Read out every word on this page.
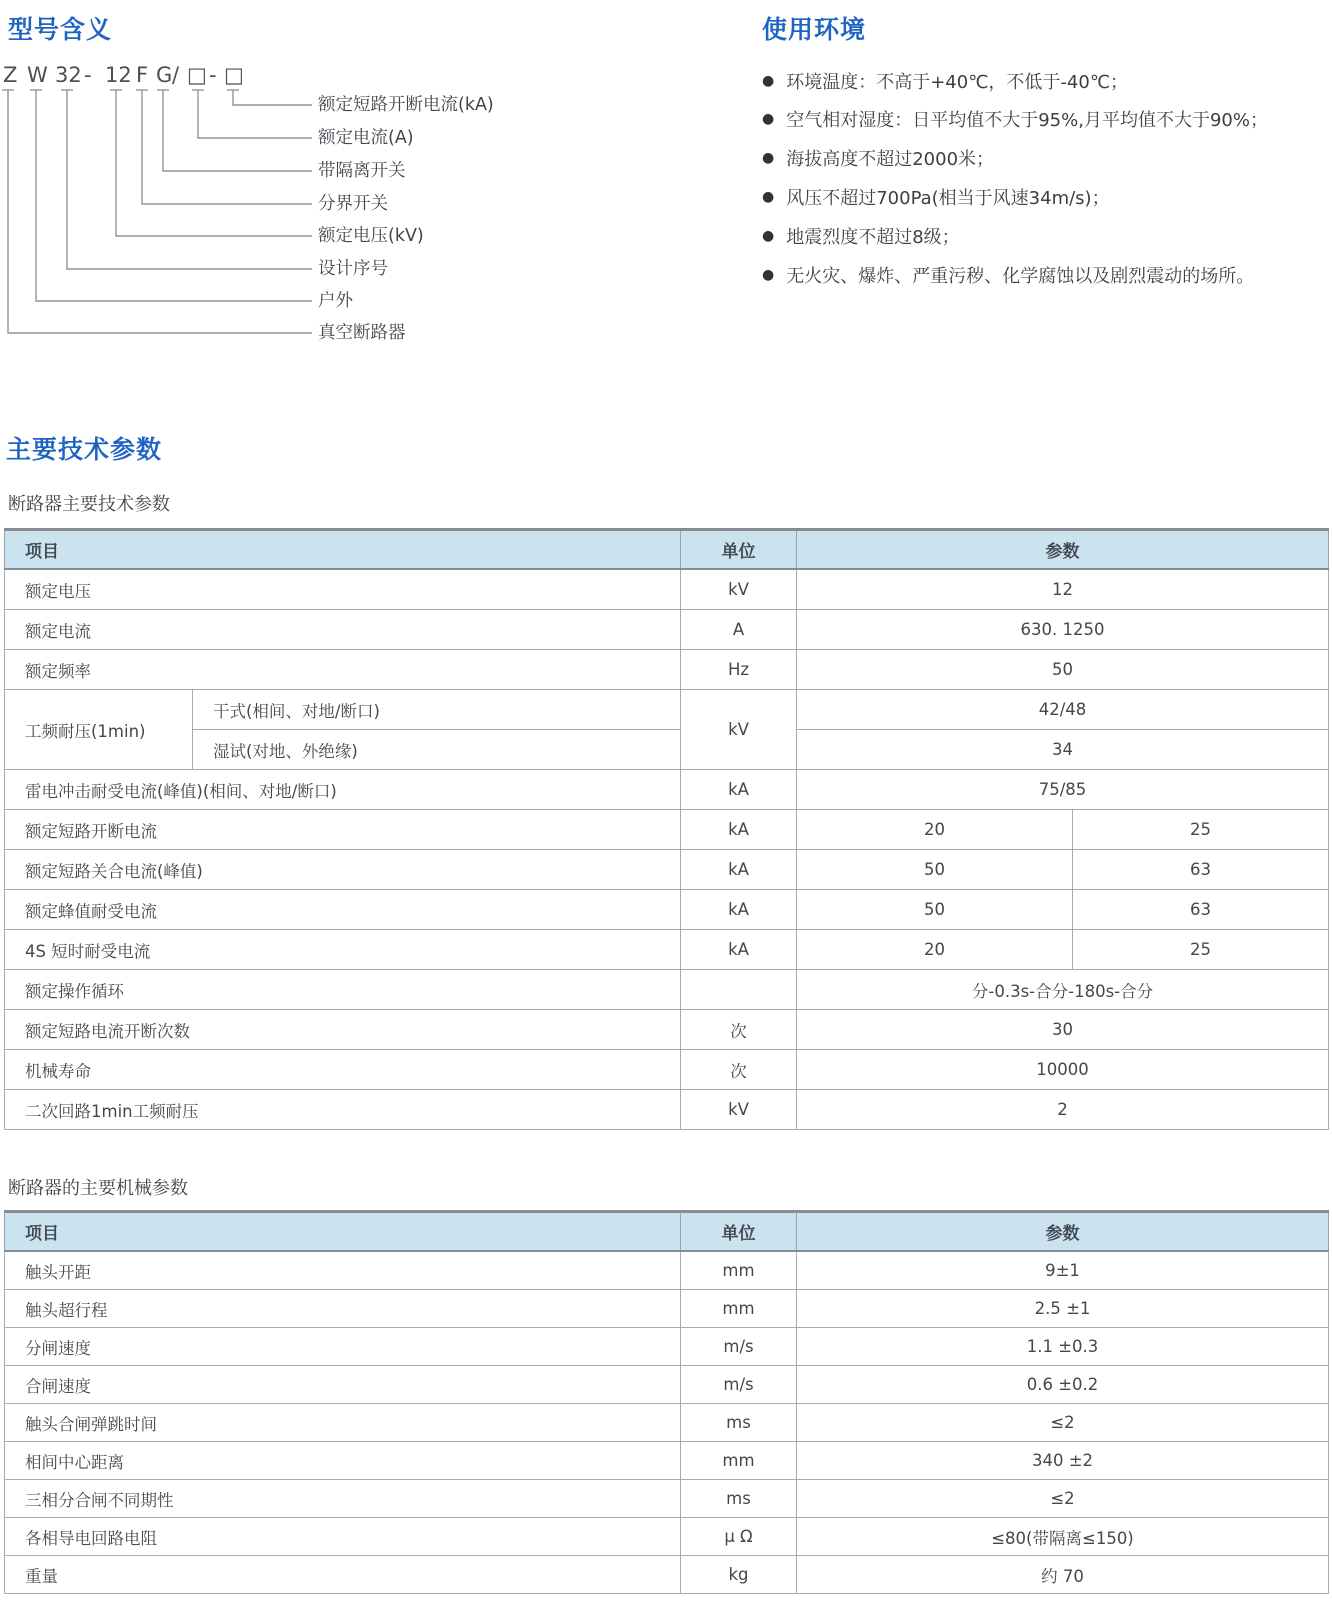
型号含义
Z W 32 - 12 F G / □ - □
额定短路开断电流(kA)
额定电流(A)
带隔离开关
分界开关
额定电压(kV)
设计序号
户外
真空断路器
使用环境
● 环境温度：不高于+40℃，不低于-40℃；
● 空气相对湿度：日平均值不大于95%,月平均值不大于90%；
● 海拔高度不超过2000米；
● 风压不超过700Pa(相当于风速34m/s)；
● 地震烈度不超过8级；
● 无火灾、爆炸、严重污秽、化学腐蚀以及剧烈震动的场所。
主要技术参数
断路器主要技术参数
项目		单位	参数	
额定电压		kV	12	
额定电流		A	630. 1250	
额定频率		Hz	50	
工频耐压(1min)	干式(相间、对地/断口)	kV	42/48	
	湿试(对地、外绝缘)		34	
雷电冲击耐受电流(峰值)(相间、对地/断口)		kA	75/85	
额定短路开断电流		kA	20	25
额定短路关合电流(峰值)		kA	50	63
额定蜂值耐受电流		kA	50	63
4S 短时耐受电流		kA	20	25
额定操作循环			分-0.3s-合分-180s-合分	
额定短路电流开断次数		次	30	
机械寿命		次	10000	
二次回路1min工频耐压		kV	2	
断路器的主要机械参数
项目	单位	参数
触头开距	mm	9±1
触头超行程	mm	2.5 ±1
分闸速度	m/s	1.1 ±0.3
合闸速度	m/s	0.6 ±0.2
触头合闸弹跳时间	ms	≤2
相间中心距离	mm	340 ±2
三相分合闸不同期性	ms	≤2
各相导电回路电阻	μ Ω	≤80(带隔离≤150)
重量	kg	约 70
